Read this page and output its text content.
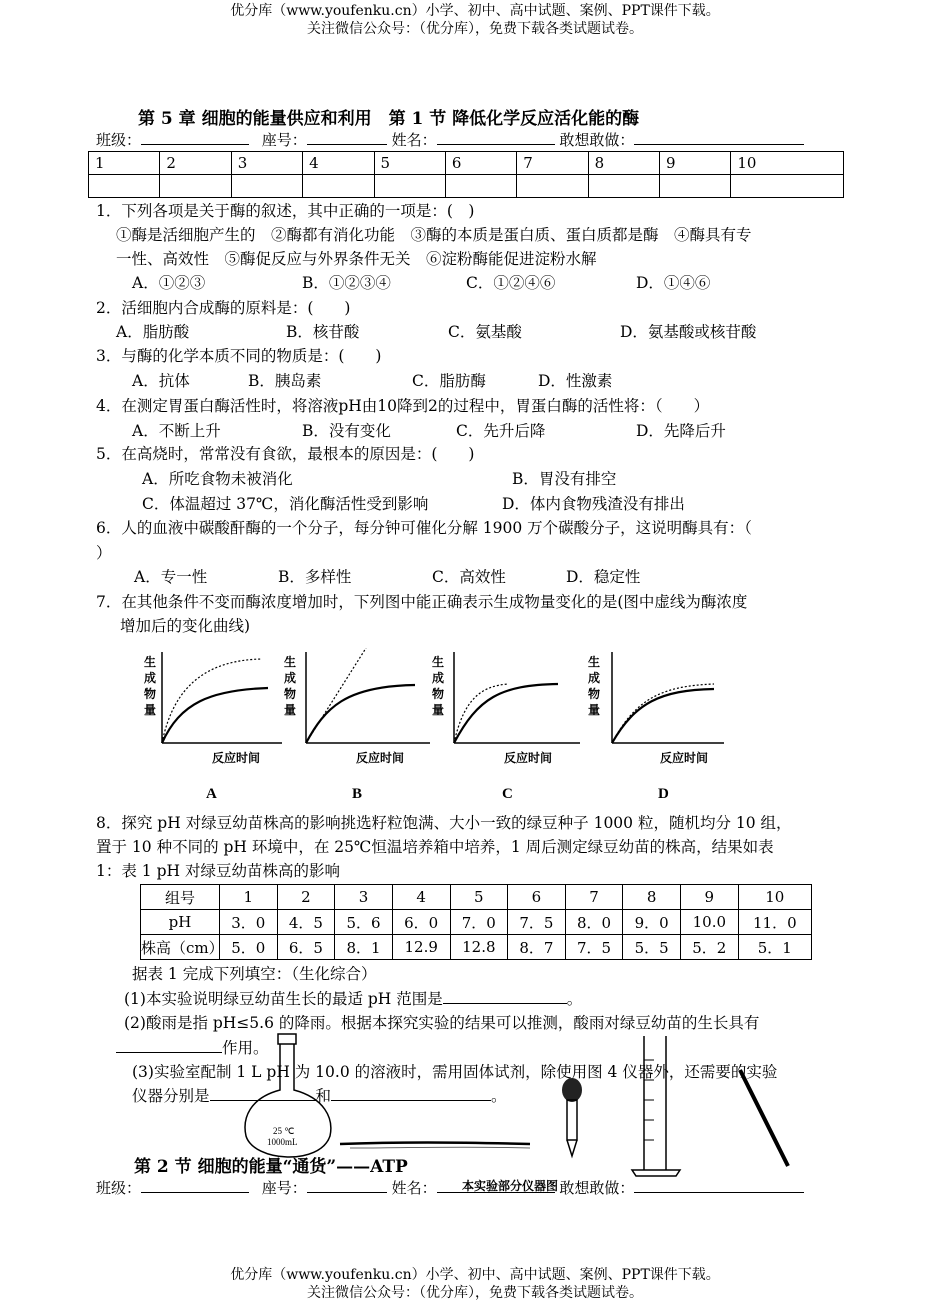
优分库（www.youfenku.cn）小学、初中、高中试题、案例、PPT课件下载。
关注微信公众号：（优分库），免费下载各类试题试卷。
第 5 章 细胞的能量供应和利用　第 1 节 降低化学反应活化能的酶
班级：	座号：	姓名：	敢想敢做：
1	2	3	4	5	6	7	8	9	10

1．下列各项是关于酶的叙述，其中正确的一项是：(　)
①酶是活细胞产生的　②酶都有消化功能　③酶的本质是蛋白质、蛋白质都是酶　④酶具有专
一性、高效性　⑤酶促反应与外界条件无关　⑥淀粉酶能促进淀粉水解
A．①②③	B．①②③④	C．①②④⑥	D．①④⑥
2．活细胞内合成酶的原料是：(　　)
A．脂肪酸	B．核苷酸	C．氨基酸	D．氨基酸或核苷酸
3．与酶的化学本质不同的物质是：(　　)
A．抗体	B．胰岛素	C．脂肪酶	D．性激素
4．在测定胃蛋白酶活性时，将溶液pH由10降到2的过程中，胃蛋白酶的活性将：（　　）
A．不断上升	B．没有变化	C．先升后降	D．先降后升
5．在高烧时，常常没有食欲，最根本的原因是：(　　)
A．所吃食物未被消化	B．胃没有排空
C．体温超过 37℃，消化酶活性受到影响	D．体内食物残渣没有排出
6．人的血液中碳酸酐酶的一个分子，每分钟可催化分解 1900 万个碳酸分子，这说明酶具有：（
）
A．专一性	B．多样性	C．高效性	D．稳定性
7．在其他条件不变而酶浓度增加时，下列图中能正确表示生成物量变化的是(图中虚线为酶浓度
增加后的变化曲线)
生
成
物
量
反应时间
A
生
成
物
量
反应时间
B
生
成
物
量
反应时间
C
生
成
物
量
反应时间
D
8．探究 pH 对绿豆幼苗株高的影响挑选籽粒饱满、大小一致的绿豆种子 1000 粒，随机均分 10 组，
置于 10 种不同的 pH 环境中，在 25℃恒温培养箱中培养，1 周后测定绿豆幼苗的株高，结果如表
1：表 1 pH 对绿豆幼苗株高的影响
组号	1	2	3	4	5	6	7	8	9	10
pH	3．0	4．5	5．6	6．0	7．0	7．5	8．0	9．0	10.0	11．0
株高（cm）	5．0	6．5	8．1	12.9	12.8	8．7	7．5	5．5	5．2	5．1
据表 1 完成下列填空：（生化综合）
(1)本实验说明绿豆幼苗生长的最适 pH 范围是	。
(2)酸雨是指 pH≤5.6 的降雨。根据本探究实验的结果可以推测，酸雨对绿豆幼苗的生长具有
作用。
25 ℃
1000mL
本实验部分仪器图
(3)实验室配制 1 L pH 为 10.0 的溶液时，需用固体试剂，除使用图 4 仪器外，还需要的实验
仪器分别是	和	。
第 2 节 细胞的能量“通货”——ATP
班级：	座号：	姓名：	敢想敢做：
优分库（www.youfenku.cn）小学、初中、高中试题、案例、PPT课件下载。
关注微信公众号：（优分库），免费下载各类试题试卷。
